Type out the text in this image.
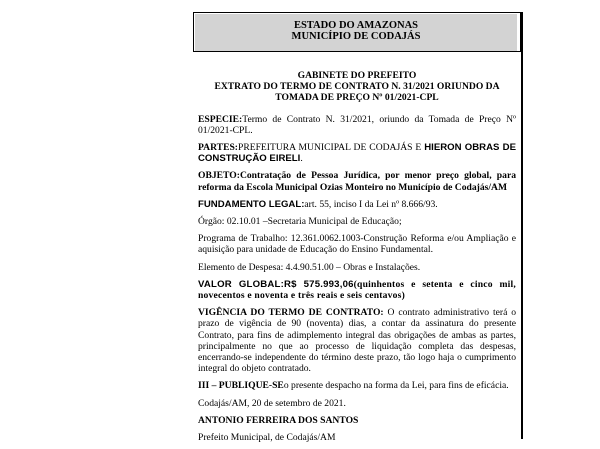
ESTADO DO AMAZONAS
MUNICÍPIO DE CODAJÁS
GABINETE DO PREFEITO
EXTRATO DO TERMO DE CONTRATO N. 31/2021 ORIUNDO DA
TOMADA DE PREÇO Nº 01/2021-CPL

ESPECIE:Termo de Contrato N. 31/2021, oriundo da Tomada de Preço Nº 01/2021-CPL.

PARTES:PREFEITURA MUNICIPAL DE CODAJÁS E HIERON OBRAS DE CONSTRUÇÃO EIRELI.

OBJETO:Contratação de Pessoa Jurídica, por menor preço global, para reforma da Escola Municipal Ozias Monteiro no Município de Codajás/AM

FUNDAMENTO LEGAL:art. 55, inciso I da Lei nº 8.666/93.

Órgão: 02.10.01 –Secretaria Municipal de Educação;

Programa de Trabalho: 12.361.0062.1003-Construção Reforma e/ou Ampliação e aquisição para unidade de Educação do Ensino Fundamental.

Elemento de Despesa: 4.4.90.51.00 – Obras e Instalações.

VALOR GLOBAL:R$ 575.993,06(quinhentos e setenta e cinco mil, novecentos e noventa e três reais e seis centavos)

VIGÊNCIA DO TERMO DE CONTRATO: O contrato administrativo terá o prazo de vigência de 90 (noventa) dias, a contar da assinatura do presente Contrato, para fins de adimplemento integral das obrigações de ambas as partes, principalmente no que ao processo de liquidação completa das despesas, encerrando-se independente do término deste prazo, tão logo haja o cumprimento integral do objeto contratado.

III – PUBLIQUE-SEo presente despacho na forma da Lei, para fins de eficácia.

Codajás/AM, 20 de setembro de 2021.

ANTONIO FERREIRA DOS SANTOS

Prefeito Municipal, de Codajás/AM
